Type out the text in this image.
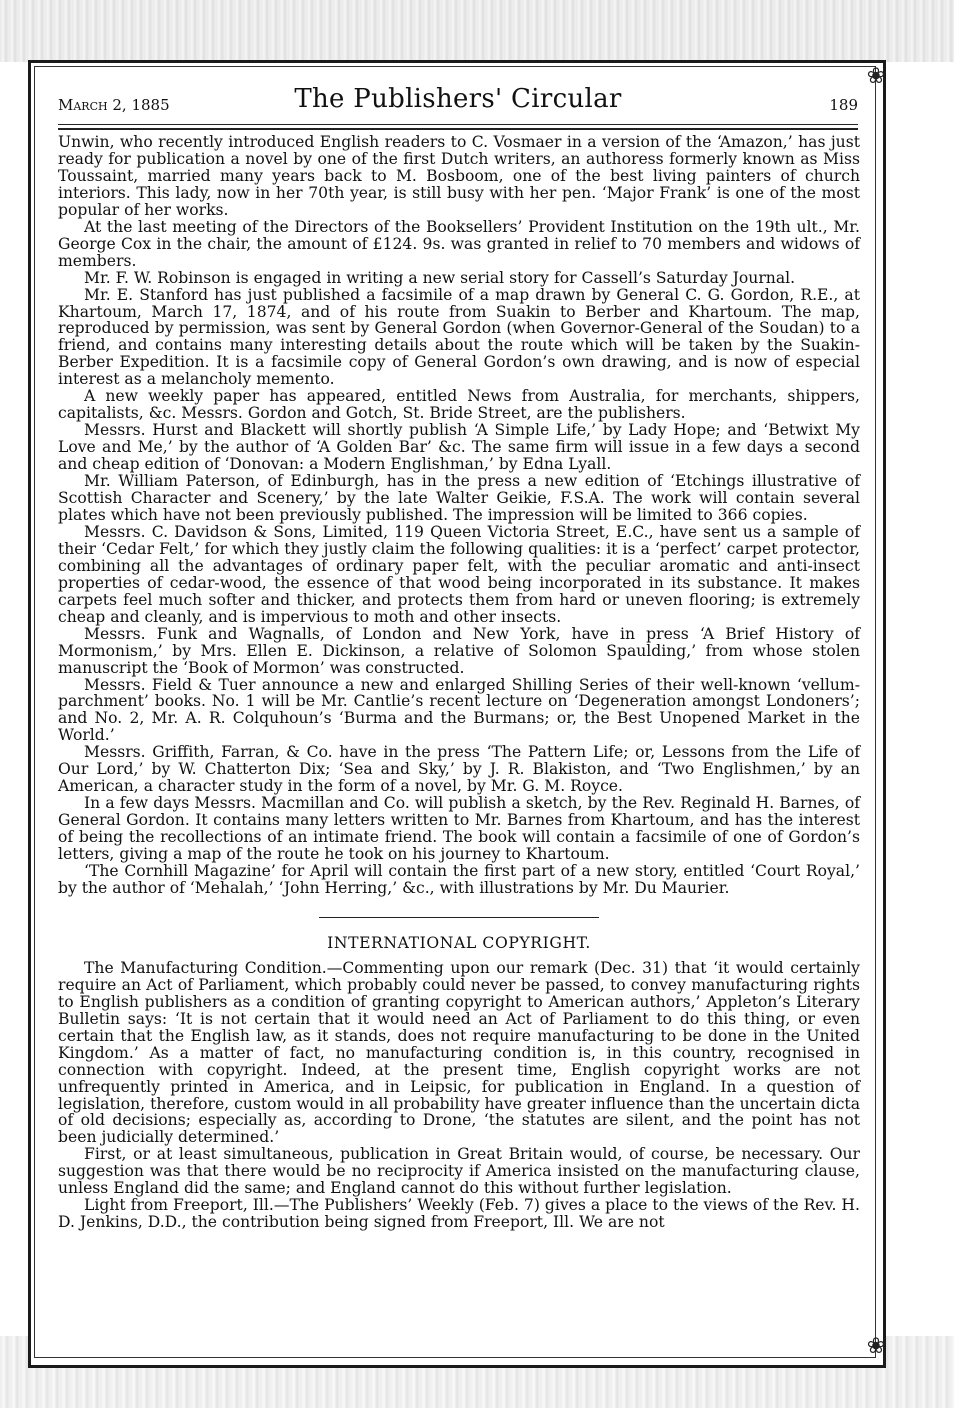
❀
❀
March 2, 1885	The Publishers' Circular	189

Unwin, who recently introduced English readers to C. Vosmaer in a version of the ‘Amazon,’ has just ready for publication a novel by one of the first Dutch writers, an authoress formerly known as Miss Toussaint, married many years back to M. Bosboom, one of the best living painters of church interiors. This lady, now in her 70th year, is still busy with her pen. ‘Major Frank’ is one of the most popular of her works.

At the last meeting of the Directors of the Booksellers’ Provident Institution on the 19th ult., Mr. George Cox in the chair, the amount of £124. 9s. was granted in relief to 70 members and widows of members.

Mr. F. W. Robinson is engaged in writing a new serial story for Cassell’s Saturday Journal.

Mr. E. Stanford has just published a facsimile of a map drawn by General C. G. Gordon, R.E., at Khartoum, March 17, 1874, and of his route from Suakin to Berber and Khartoum. The map, reproduced by permission, was sent by General Gordon (when Governor-General of the Soudan) to a friend, and contains many interesting details about the route which will be taken by the Suakin-Berber Expedition. It is a facsimile copy of General Gordon’s own drawing, and is now of especial interest as a melancholy memento.

A new weekly paper has appeared, entitled News from Australia, for merchants, shippers, capitalists, &c. Messrs. Gordon and Gotch, St. Bride Street, are the publishers.

Messrs. Hurst and Blackett will shortly publish ‘A Simple Life,’ by Lady Hope; and ‘Betwixt My Love and Me,’ by the author of ‘A Golden Bar’ &c. The same firm will issue in a few days a second and cheap edition of ‘Donovan: a Modern Englishman,’ by Edna Lyall.

Mr. William Paterson, of Edinburgh, has in the press a new edition of ‘Etchings illustrative of Scottish Character and Scenery,’ by the late Walter Geikie, F.S.A. The work will contain several plates which have not been previously published. The impression will be limited to 366 copies.

Messrs. C. Davidson & Sons, Limited, 119 Queen Victoria Street, E.C., have sent us a sample of their ‘Cedar Felt,’ for which they justly claim the following qualities: it is a ‘perfect’ carpet protector, combining all the advantages of ordinary paper felt, with the peculiar aromatic and anti-insect properties of cedar-wood, the essence of that wood being incorporated in its substance. It makes carpets feel much softer and thicker, and protects them from hard or uneven flooring; is extremely cheap and cleanly, and is impervious to moth and other insects.

Messrs. Funk and Wagnalls, of London and New York, have in press ‘A Brief History of Mormonism,’ by Mrs. Ellen E. Dickinson, a relative of Solomon Spaulding,’ from whose stolen manuscript the ‘Book of Mormon’ was constructed.

Messrs. Field & Tuer announce a new and enlarged Shilling Series of their well-known ‘vellum-parchment’ books. No. 1 will be Mr. Cantlie’s recent lecture on ‘Degeneration amongst Londoners’; and No. 2, Mr. A. R. Colquhoun’s ‘Burma and the Burmans; or, the Best Unopened Market in the World.’

Messrs. Griffith, Farran, & Co. have in the press ‘The Pattern Life; or, Lessons from the Life of Our Lord,’ by W. Chatterton Dix; ‘Sea and Sky,’ by J. R. Blakiston, and ‘Two Englishmen,’ by an American, a character study in the form of a novel, by Mr. G. M. Royce.

In a few days Messrs. Macmillan and Co. will publish a sketch, by the Rev. Reginald H. Barnes, of General Gordon. It contains many letters written to Mr. Barnes from Khartoum, and has the interest of being the recollections of an intimate friend. The book will contain a facsimile of one of Gordon’s letters, giving a map of the route he took on his journey to Khartoum.

‘The Cornhill Magazine’ for April will contain the first part of a new story, entitled ‘Court Royal,’ by the author of ‘Mehalah,’ ‘John Herring,’ &c., with illustrations by Mr. Du Maurier.

INTERNATIONAL COPYRIGHT.

The Manufacturing Condition.—Commenting upon our remark (Dec. 31) that ‘it would certainly require an Act of Parliament, which probably could never be passed, to convey manufacturing rights to English publishers as a condition of granting copyright to American authors,’ Appleton’s Literary Bulletin says: ‘It is not certain that it would need an Act of Parliament to do this thing, or even certain that the English law, as it stands, does not require manufacturing to be done in the United Kingdom.’ As a matter of fact, no manufacturing condition is, in this country, recognised in connection with copyright. Indeed, at the present time, English copyright works are not unfrequently printed in America, and in Leipsic, for publication in England. In a question of legislation, therefore, custom would in all probability have greater influence than the uncertain dicta of old decisions; especially as, according to Drone, ‘the statutes are silent, and the point has not been judicially determined.’

First, or at least simultaneous, publication in Great Britain would, of course, be necessary. Our suggestion was that there would be no reciprocity if America insisted on the manufacturing clause, unless England did the same; and England cannot do this without further legislation.

Light from Freeport, Ill.—The Publishers’ Weekly (Feb. 7) gives a place to the views of the Rev. H. D. Jenkins, D.D., the contribution being signed from Freeport, Ill. We are not
